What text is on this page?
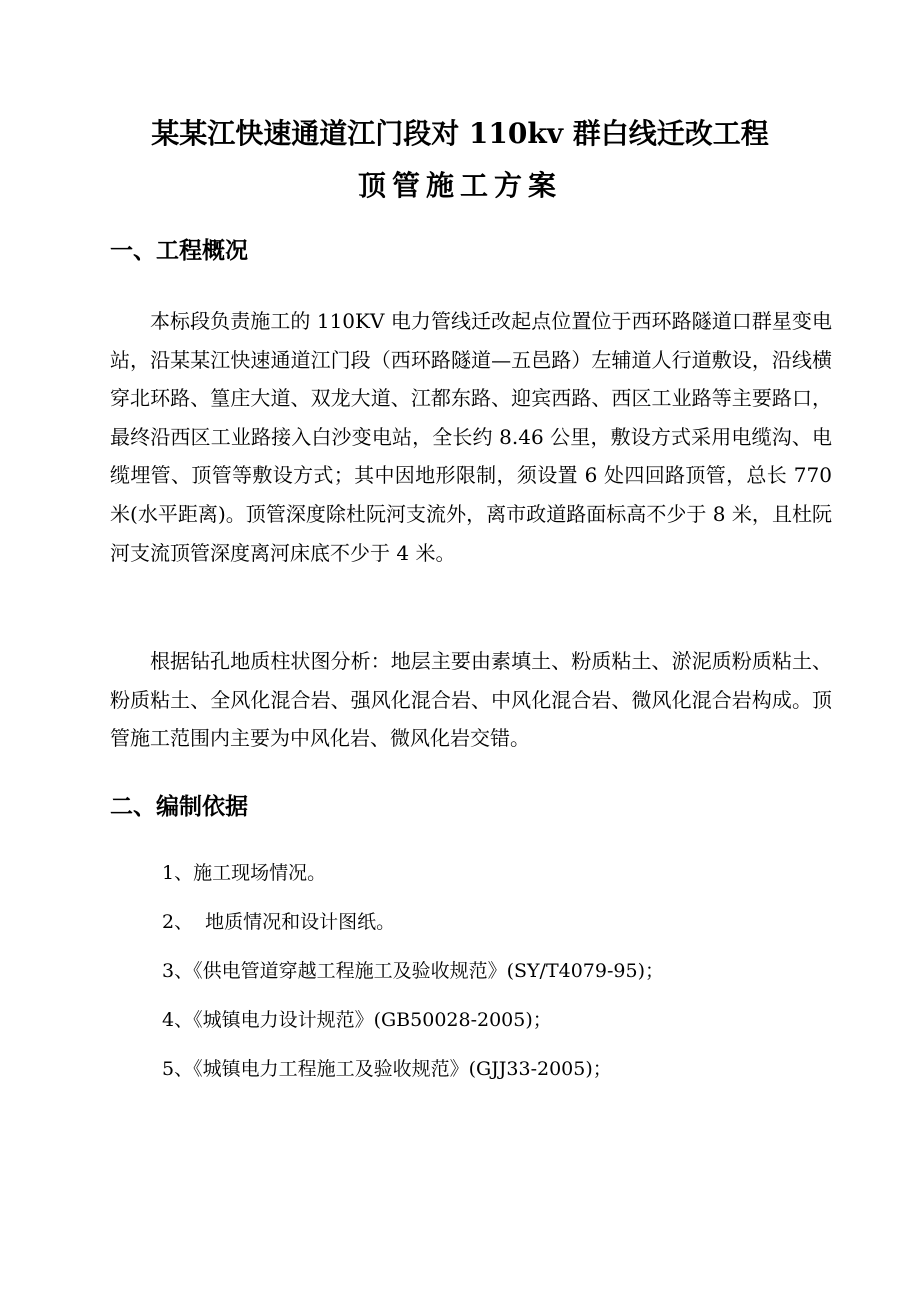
某某江快速通道江门段对 110kv 群白线迁改工程
顶管施工方案
一、工程概况
本标段负责施工的 110KV 电力管线迁改起点位置位于西环路隧道口群星变电站，沿某某江快速通道江门段（西环路隧道—五邑路）左辅道人行道敷设，沿线横穿北环路、篁庄大道、双龙大道、江都东路、迎宾西路、西区工业路等主要路口，最终沿西区工业路接入白沙变电站，全长约 8.46 公里，敷设方式采用电缆沟、电缆埋管、顶管等敷设方式；其中因地形限制，须设置 6 处四回路顶管，总长 770 米(水平距离)。顶管深度除杜阮河支流外，离市政道路面标高不少于 8 米，且杜阮河支流顶管深度离河床底不少于 4 米。
根据钻孔地质柱状图分析：地层主要由素填土、粉质粘土、淤泥质粉质粘土、粉质粘土、全风化混合岩、强风化混合岩、中风化混合岩、微风化混合岩构成。顶管施工范围内主要为中风化岩、微风化岩交错。
二、编制依据
1、施工现场情况。
2、  地质情况和设计图纸。
3、《供电管道穿越工程施工及验收规范》(SY/T4079-95)；
4、《城镇电力设计规范》(GB50028-2005)；
5、《城镇电力工程施工及验收规范》(GJJ33-2005)；
